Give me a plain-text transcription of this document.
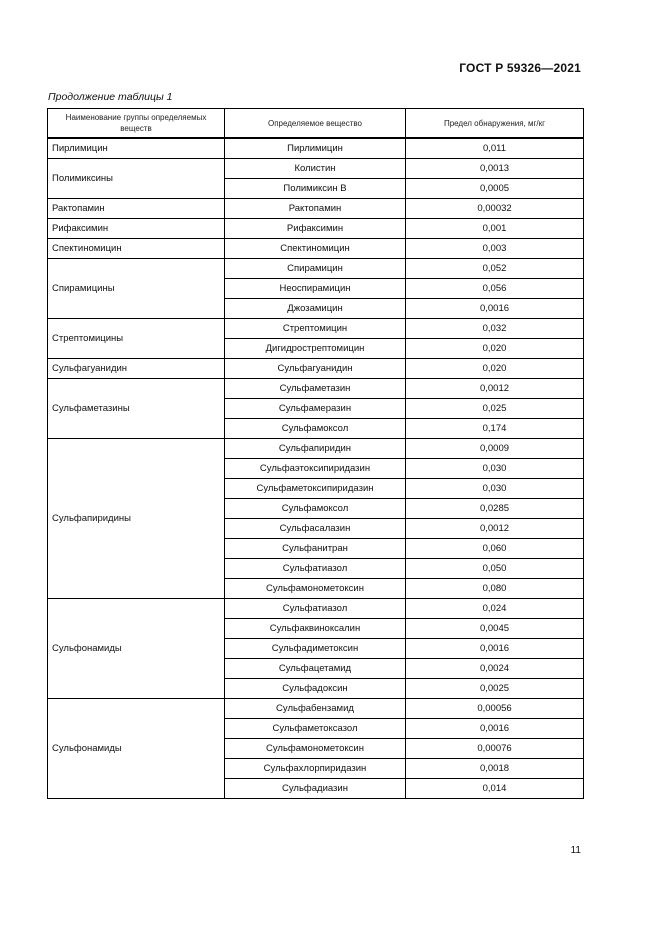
ГОСТ Р 59326—2021
Продолжение таблицы 1
Наименование группы определяемых веществ	Определяемое вещество	Предел обнаружения, мг/кг
Пирлимицин	Пирлимицин	0,011
Полимиксины	Колистин	0,0013
	Полимиксин В	0,0005
Рактопамин	Рактопамин	0,00032
Рифаксимин	Рифаксимин	0,001
Спектиномицин	Спектиномицин	0,003
Спирамицины	Спирамицин	0,052
	Неоспирамицин	0,056
	Джозамицин	0,0016
Стрептомицины	Стрептомицин	0,032
	Дигидрострептомицин	0,020
Сульфагуанидин	Сульфагуанидин	0,020
Сульфаметазины	Сульфаметазин	0,0012
	Сульфамеразин	0,025
	Сульфамоксол	0,174
Сульфапиридины	Сульфапиридин	0,0009
	Сульфаэтоксипиридазин	0,030
	Сульфаметоксипиридазин	0,030
	Сульфамоксол	0,0285
	Сульфасалазин	0,0012
	Сульфанитран	0,060
	Сульфатиазол	0,050
	Сульфамонометоксин	0,080
Сульфонамиды	Сульфатиазол	0,024
	Сульфаквиноксалин	0,0045
	Сульфадиметоксин	0,0016
	Сульфацетамид	0,0024
	Сульфадоксин	0,0025
Сульфонамиды	Сульфабензамид	0,00056
	Сульфаметоксазол	0,0016
	Сульфамонометоксин	0,00076
	Сульфахлорпиридазин	0,0018
	Сульфадиазин	0,014
11
